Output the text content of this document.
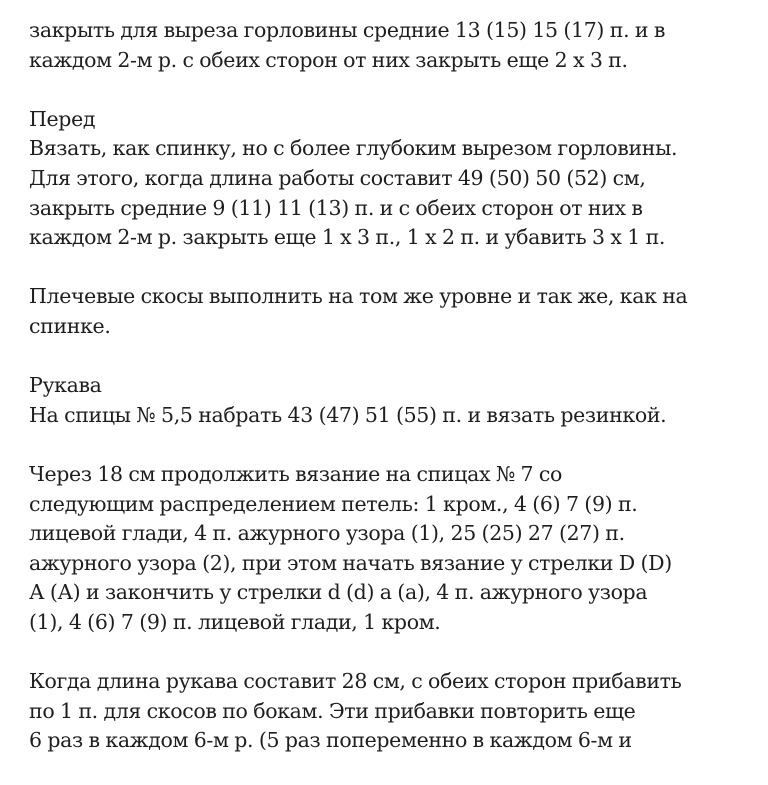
закрыть для выреза горловины средние 13 (15) 15 (17) п. и в
каждом 2-м р. с обеих сторон от них закрыть еще 2 х 3 п.

Перед
Вязать, как спинку, но с более глубоким вырезом горловины.
Для этого, когда длина работы составит 49 (50) 50 (52) см,
закрыть средние 9 (11) 11 (13) п. и с обеих сторон от них в
каждом 2-м р. закрыть еще 1 х 3 п., 1 х 2 п. и убавить 3 х 1 п.

Плечевые скосы выполнить на том же уровне и так же, как на
спинке.

Рукава
На спицы № 5,5 набрать 43 (47) 51 (55) п. и вязать резинкой.

Через 18 см продолжить вязание на спицах № 7 со
следующим распределением петель: 1 кром., 4 (6) 7 (9) п.
лицевой глади, 4 п. ажурного узора (1), 25 (25) 27 (27) п.
ажурного узора (2), при этом начать вязание у стрелки D (D)
А (А) и закончить у стрелки d (d) а (а), 4 п. ажурного узора
(1), 4 (6) 7 (9) п. лицевой глади, 1 кром.

Когда длина рукава составит 28 см, с обеих сторон прибавить
по 1 п. для скосов по бокам. Эти прибавки повторить еще
6 раз в каждом 6-м р. (5 раз попеременно в каждом 6-м и
